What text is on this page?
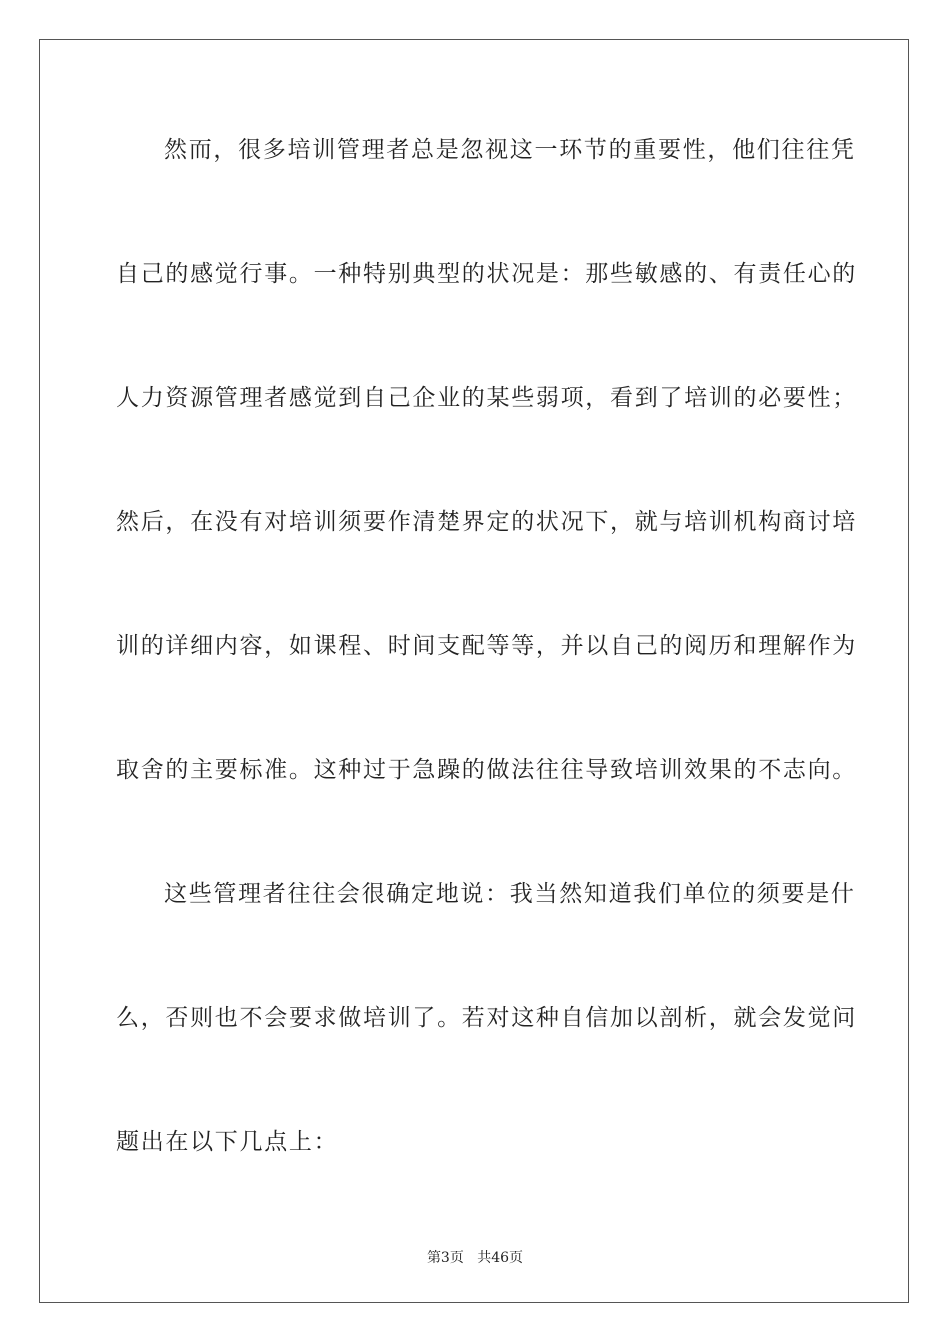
然而，很多培训管理者总是忽视这一环节的重要性，他们往往凭
自己的感觉行事。一种特别典型的状况是：那些敏感的、有责任心的
人力资源管理者感觉到自己企业的某些弱项，看到了培训的必要性；
然后，在没有对培训须要作清楚界定的状况下，就与培训机构商讨培
训的详细内容，如课程、时间支配等等，并以自己的阅历和理解作为
取舍的主要标准。这种过于急躁的做法往往导致培训效果的不志向。
这些管理者往往会很确定地说：我当然知道我们单位的须要是什
么，否则也不会要求做培训了。若对这种自信加以剖析，就会发觉问
题出在以下几点上：
第3页 共46页
